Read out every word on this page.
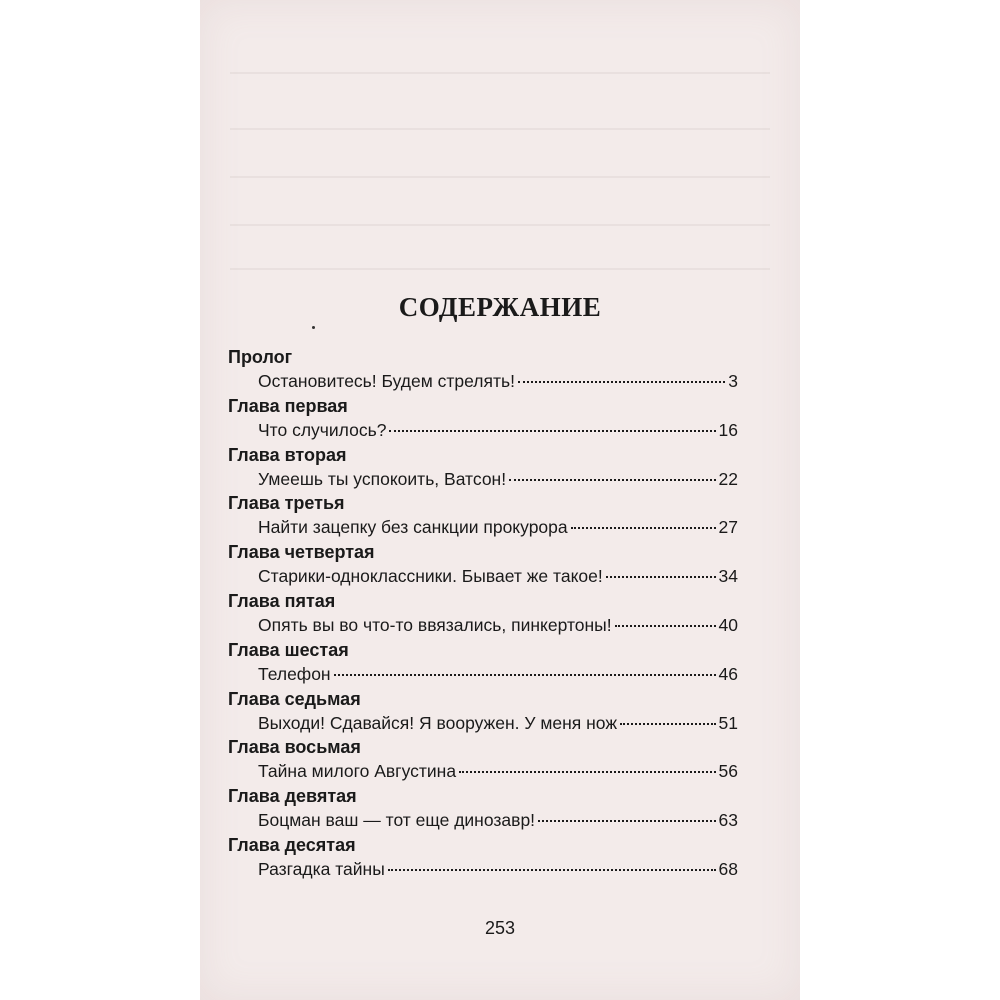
СОДЕРЖАНИЕ
Пролог
Остановитесь! Будем стрелять!	3
Глава первая
Что случилось?	16
Глава вторая
Умеешь ты успокоить, Ватсон!	22
Глава третья
Найти зацепку без санкции прокурора	27
Глава четвертая
Старики-одноклассники. Бывает же такое!	34
Глава пятая
Опять вы во что-то ввязались, пинкертоны!	40
Глава шестая
Телефон	46
Глава седьмая
Выходи! Сдавайся! Я вооружен. У меня нож	51
Глава восьмая
Тайна милого Августина	56
Глава девятая
Боцман ваш — тот еще динозавр!	63
Глава десятая
Разгадка тайны	68
253
